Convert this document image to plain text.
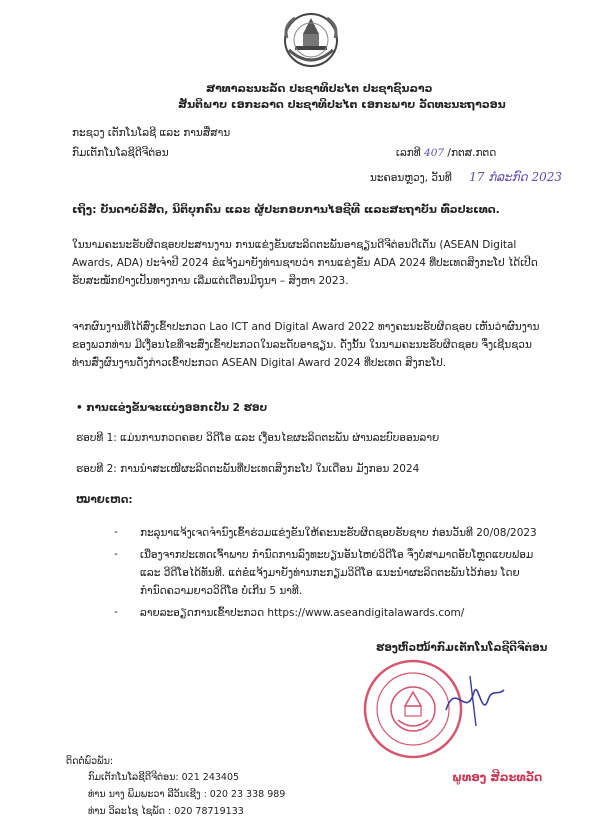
ສາທາລະນະລັດ ປະຊາທິປະໄຕ ປະຊາຊົນລາວ
ສັນຕິພາບ ເອກະລາດ ປະຊາທິປະໄຕ ເອກະພາບ ວັດທະນະຖາວອນ
ກະຊວງ ເຕັກໂນໂລຊີ ແລະ ການສື່ສານ
ກົມເຕັກໂນໂລຊີດີຈີຕ່ອນ	ເລກທີ 407 /ກຕສ.ກຕດ
ນະຄອນຫຼວງ, ວັນທີ 17 ກໍລະກົດ 2023
ເຖິງ: ບັນດາບໍລິສັດ, ນິຕິບຸກຄົນ ແລະ ຜູ້ປະກອບການໄອຊີທີ ແລະສະຖາບັນ ທົ່ວປະເທດ.
ໃນນາມຄະນະຮັບຜິດຊອບປະສານງານ ການແຂ່ງຂັນຜະລິດຕະພັນອາຊຽນດີຈີຕ່ອນດີເດັ່ນ (ASEAN Digital Awards, ADA) ປະຈຳປີ 2024 ຂໍແຈ້ງມາຍັງທ່ານຊາບວ່າ ການແຂ່ງຂັນ ADA 2024 ທີ່ປະເທດສິງກະໂປ ໄດ້ເປີດຮັບສະໝັກຢ່າງເປັນທາງການ ເລີ່ມແຕ່ເດືອນມິຖຸນາ – ສິງຫາ 2023.
ຈາກຜົນງານທີ່ໄດ້ສົ່ງເຂົ້າປະກວດ Lao ICT and Digital Award 2022 ທາງຄະນະຮັບຜິດຊອບ ເຫັນວ່າຜົນງານຂອງພວກທ່ານ ມີເງື່ອນໄຂທີ່ຈະສົ່ງເຂົ້າປະກວດໃນລະດັບອາຊຽນ. ດັ່ງນັ້ນ ໃນນາມຄະນະຮັບຜິດຊອບ ຈຶ່ງເຊີນຊວນທ່ານສົ່ງຜົນງານດັ່ງກ່າວເຂົ້າປະກວດ ASEAN Digital Award 2024 ທີ່ປະເທດ ສິງກະໂປ.
• ການແຂ່ງຂັນຈະແບ່ງອອກເປັນ 2 ຮອບ
ຮອບທີ 1: ແມ່ນການກວດຄອຍ ວິດີໂອ ແລະ ເງື່ອນໄຂຜະລິດຕະພັນ ຜ່ານລະບົບອອນລາຍ
ຮອບທີ 2: ການນຳສະເໜີຜະລິດຕະພັນທີ່ປະເທດສິງກະໂປ ໃນເດືອນ ມັງກອນ 2024
ໝາຍເຫດ:
- ກະລຸນາແຈ້ງເຈດຈຳນົງເຂົ້າຮ່ວມແຂ່ງຂັນໃຫ້ຄະນະຮັບຜິດຊອບຮັບຊາບ ກ່ອນວັນທີ 20/08/2023
- ເນື່ອງຈາກປະເທດເຈົ້າພາບ ກຳນົດການລົງທະບຽນອັນໄຫຍ່ວິດີໂອ ຈຶ່ງບໍ່ສາມາດອັບໂຫຼດແບບຟອມ ແລະ ວີດີໂອໄດ້ທັນທີ. ແຕ່ຂໍແຈ້ງມາຍັງທ່ານກະກຽມວິດີໂອ ແນະນຳຜະລິດຕະພັນໄວ້ກ່ອນ ໂດຍກຳນົດຄວາມຍາວວິດີໂອ ບໍ່ເກີນ 5 ນາທີ.
- ລາຍລະອຽດການເຂົ້າປະກວດ https://www.aseandigitalawards.com/
ຮອງຫົວໜ້າກົມເຕັກໂນໂລຊີດີຈີຕ່ອນ
ພູທອງ ສີລະທວັດ
ຕິດຕໍ່ພົວພັນ:
ກົມເຕັກໂນໂລຊີດີຈີຕ່ອນ: 021 243405
ທ່ານ ນາງ ພິມພະວາ ລີວັນເຊີງ : 020 23 338 989
ທ່ານ ວິລະໄຊ ໄຊພັດ : 020 78719133
